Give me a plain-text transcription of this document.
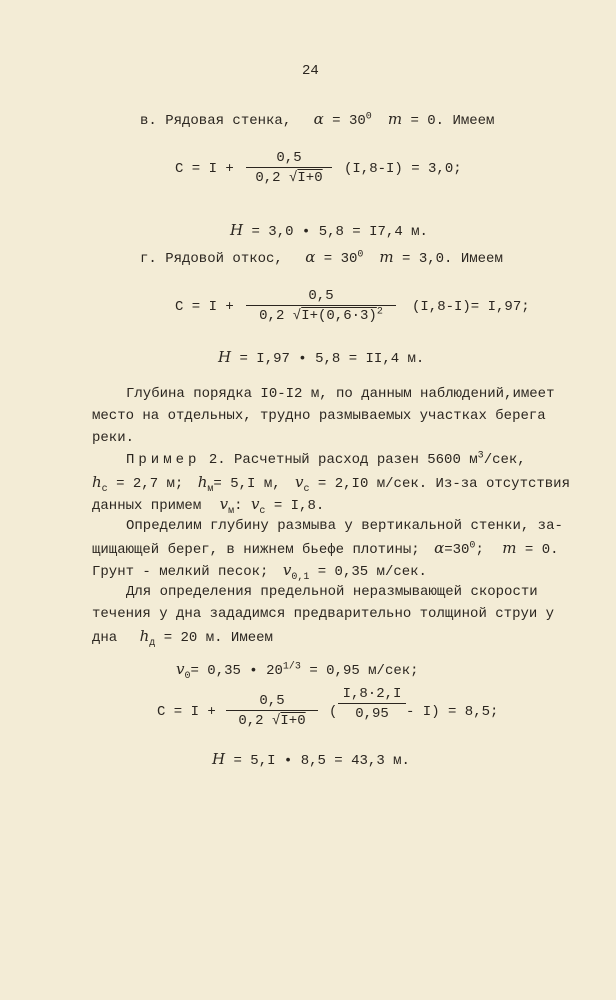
24
в. Рядовая стенка, $\alpha = 30^0$ m = 0. Имеем
$C = I + \frac{0,5}{0,2 √I+0} (I,8-I) = 3,0$;
H = 3,0 • 5,8 = I7,4 м.
г. Рядовой откос, $\alpha = 30^0$ m = 3,0. Имеем
$C = I + \frac{0,5}{0,2 √I+(0,6\cdot 3)^2} (I,8-I)= I,97$;
H = I,97 • 5,8 = II,4 м.
Глубина порядка I0-I2 м, по данным наблюдений,имеет
место на отдельных, трудно размываемых участках берега
реки.
Пример 2. Расчетный расход разен 5600 $м^3$/сек,
$h_c = 2,7$ м; $h_м= 5,I$ м, $v_c = 2,I0$ м/сек. Из-за отсутствия
данных примем $v_м$: $v_c = I,8$.
Определим глубину размыва у вертикальной стенки, за-
щищающей берег, в нижнем бьефе плотины; $\alpha=30^0$; m = 0.
Грунт - мелкий песок; $v_{0,1} = 0,35$ м/сек.
Для определения предельной неразмывающей скорости
течения у дна зададимся предварительно толщиной струи у
дна $h_д = 20$ м. Имеем
$v_0= 0,35$ • $20^{1/3} = 0,95$ м/сек;
$C = I + \frac{0,5}{0,2 √I+0}$ ( $\frac{I,8\cdot 2,I}{0,95} - I) = 8,5$;
H = 5,I • 8,5 = 43,3 м.
